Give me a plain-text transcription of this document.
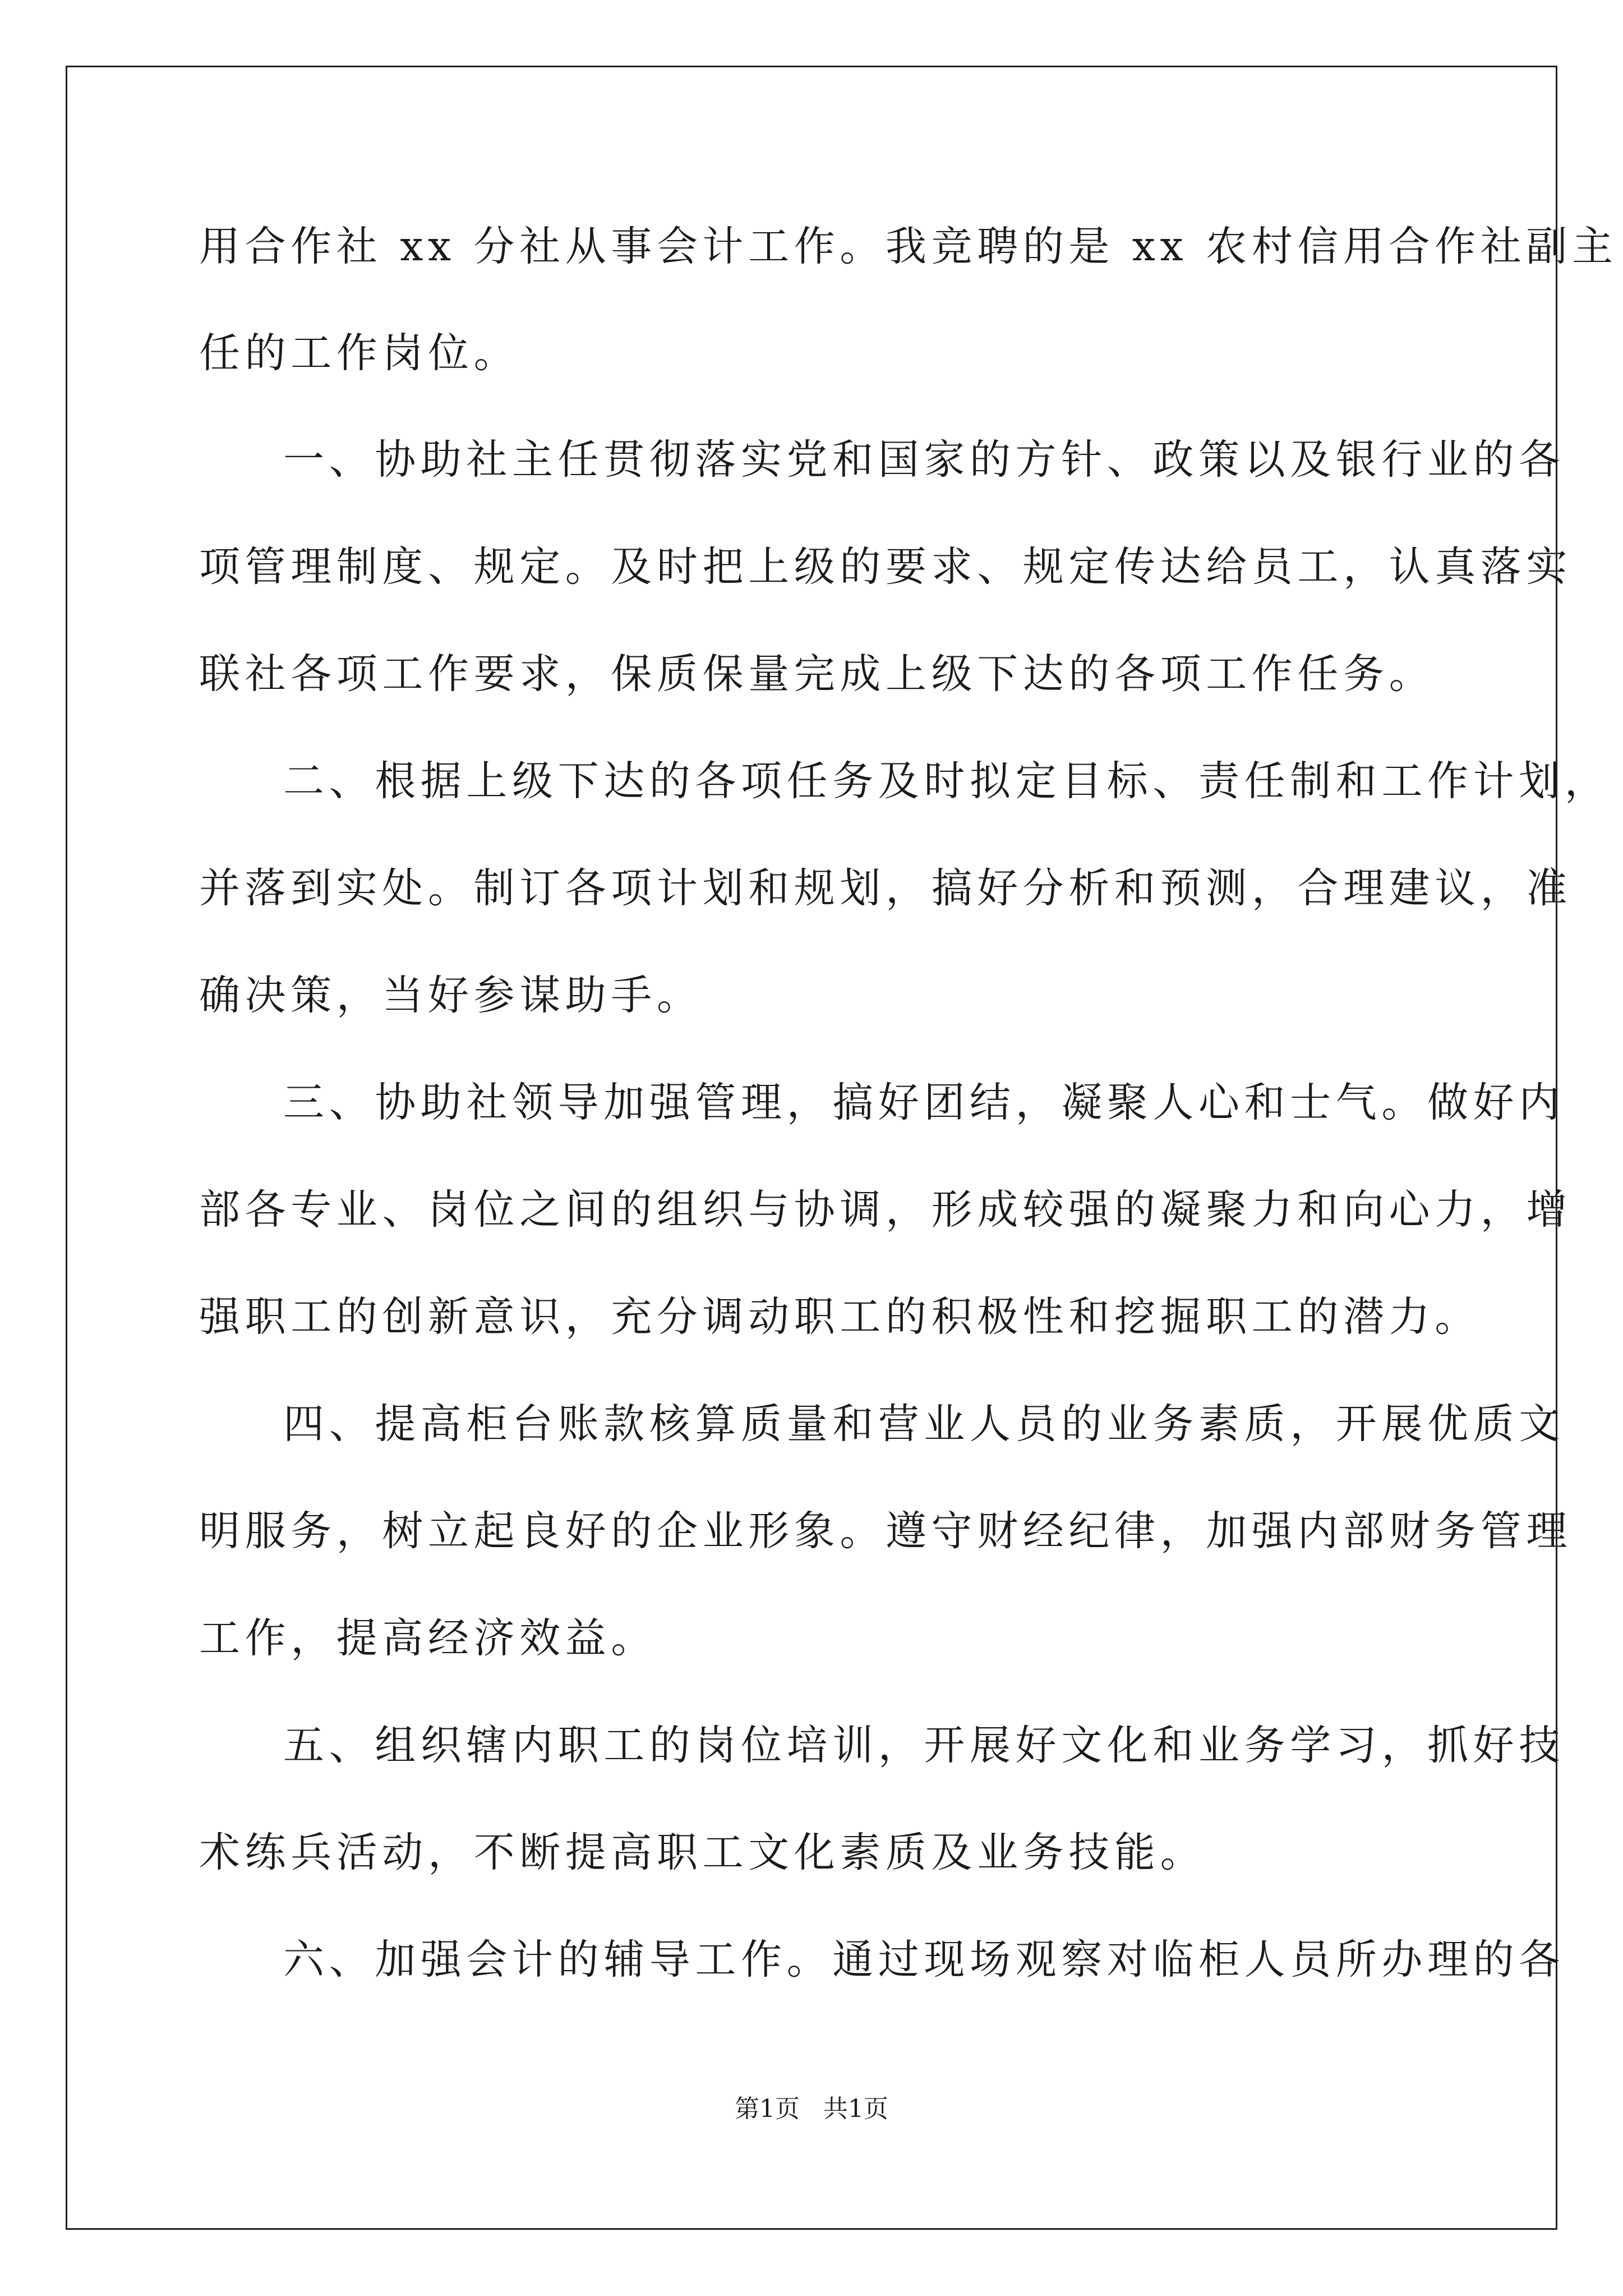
用合作社 xx 分社从事会计工作。我竞聘的是 xx 农村信用合作社副主
任的工作岗位。
一、协助社主任贯彻落实党和国家的方针、政策以及银行业的各
项管理制度、规定。及时把上级的要求、规定传达给员工，认真落实
联社各项工作要求，保质保量完成上级下达的各项工作任务。
二、根据上级下达的各项任务及时拟定目标、责任制和工作计划，
并落到实处。制订各项计划和规划，搞好分析和预测，合理建议，准
确决策，当好参谋助手。
三、协助社领导加强管理，搞好团结，凝聚人心和士气。做好内
部各专业、岗位之间的组织与协调，形成较强的凝聚力和向心力，增
强职工的创新意识，充分调动职工的积极性和挖掘职工的潜力。
四、提高柜台账款核算质量和营业人员的业务素质，开展优质文
明服务，树立起良好的企业形象。遵守财经纪律，加强内部财务管理
工作，提高经济效益。
五、组织辖内职工的岗位培训，开展好文化和业务学习，抓好技
术练兵活动，不断提高职工文化素质及业务技能。
六、加强会计的辅导工作。通过现场观察对临柜人员所办理的各
第1页 共1页
